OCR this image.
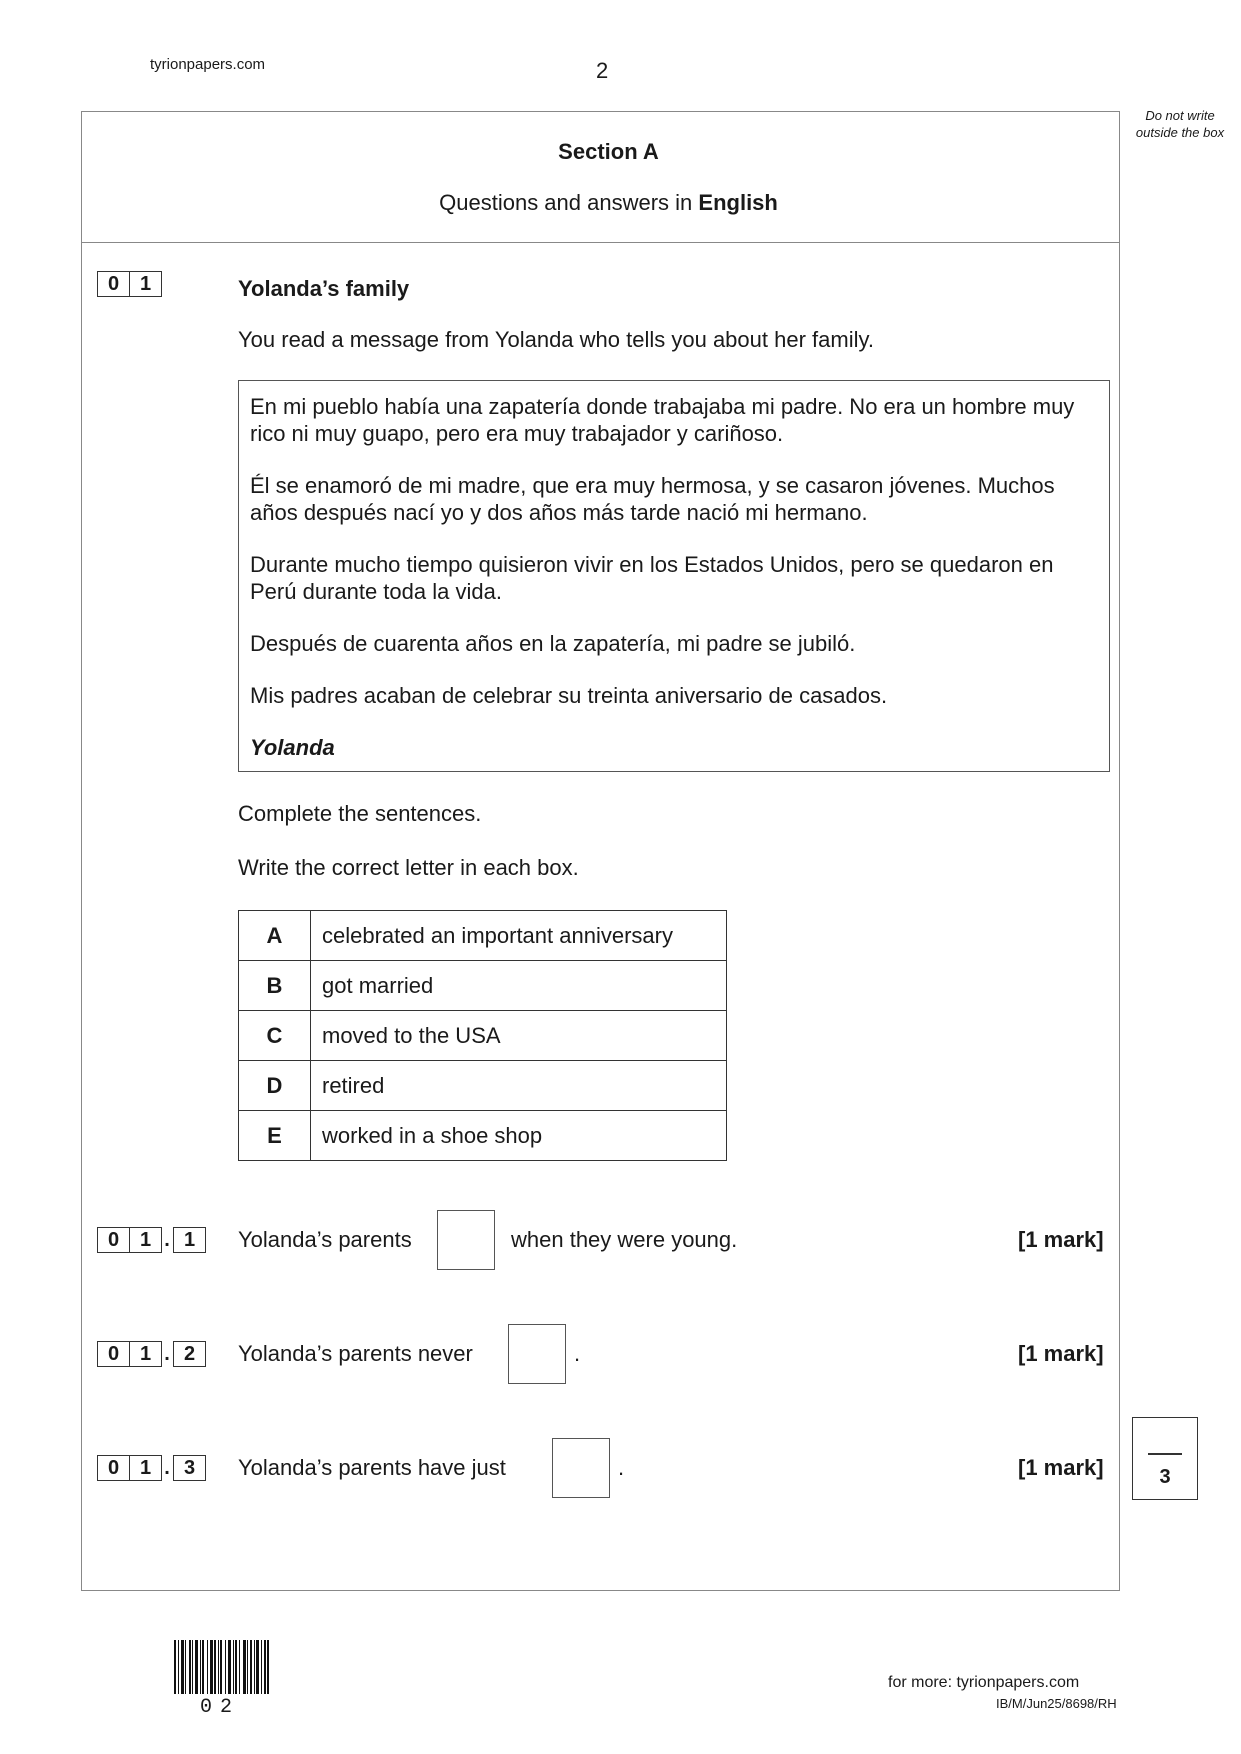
tyrionpapers.com	2
Do not write outside the box
Section A
Questions and answers in English
0	1	Yolanda’s family
You read a message from Yolanda who tells you about her family.

En mi pueblo había una zapatería donde trabajaba mi padre. No era un hombre muy rico ni muy guapo, pero era muy trabajador y cariñoso.

Él se enamoró de mi madre, que era muy hermosa, y se casaron jóvenes. Muchos años después nací yo y dos años más tarde nació mi hermano.

Durante mucho tiempo quisieron vivir en los Estados Unidos, pero se quedaron en Perú durante toda la vida.

Después de cuarenta años en la zapatería, mi padre se jubiló.

Mis padres acaban de celebrar su treinta aniversario de casados.

Yolanda

Complete the sentences.
Write the correct letter in each box.
A	celebrated an important anniversary
B	got married
C	moved to the USA
D	retired
E	worked in a shoe shop
0	1 . 1	Yolanda’s parents	when they were young.	[1 mark]
0	1 . 2	Yolanda’s parents never	.	[1 mark]
0	1 . 3	Yolanda’s parents have just	.	[1 mark]	3
02
for more: tyrionpapers.com
IB/M/Jun25/8698/RH
